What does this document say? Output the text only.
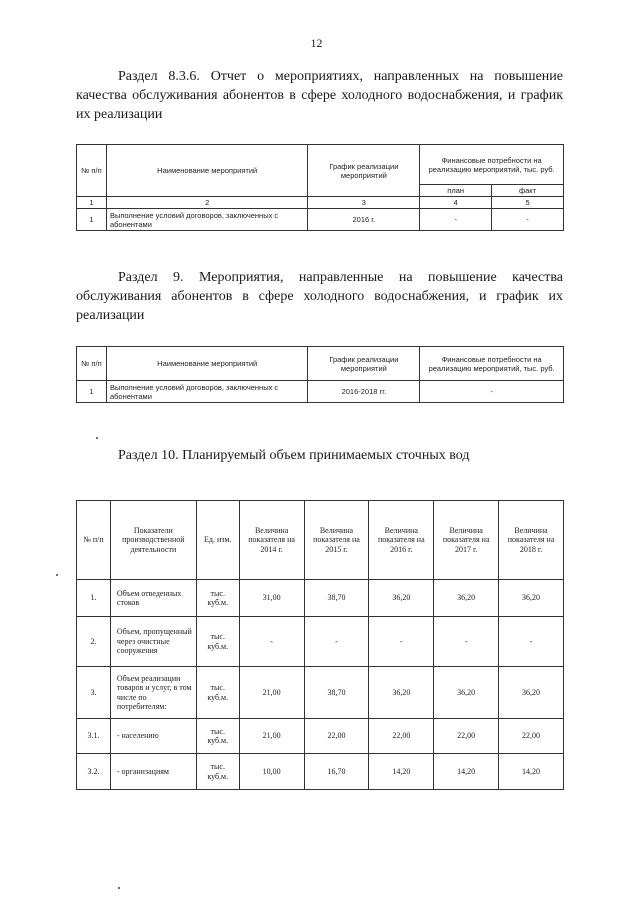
12
Раздел 8.3.6. Отчет о мероприятиях, направленных на повышение качества обслуживания абонентов в сфере холодного водоснабжения, и график их реализации
№ п/п	Наименование мероприятий	График реализации мероприятий	Финансовые потребности на реализацию мероприятий, тыс. руб.	
			план	факт
1	2	3	4	5
1	Выполнение условий договоров, заключенных с абонентами	2016 г.	-	-
Раздел 9. Мероприятия, направленные на повышение качества обслуживания абонентов в сфере холодного водоснабжения, и график их реализации
№ п/п	Наименование мероприятий	График реализации мероприятий	Финансовые потребности на реализацию мероприятий, тыс. руб.
1	Выполнение условий договоров, заключенных с абонентами	2016-2018 гг.	-
Раздел 10. Планируемый объем принимаемых сточных вод
№ п/п	Показатели производственной деятельности	Ед. изм.	Величина показателя на 2014 г.	Величина показателя на 2015 г.	Величина показателя на 2016 г.	Величина показателя на 2017 г.	Величина показателя на 2018 г.
1.	Объем отведенных стоков	тыс. куб.м.	31,00	38,70	36,20	36,20	36,20
2.	Объем, пропущенный через очистные сооружения	тыс. куб.м.	-	-	-	-	-
3.	Объем реализации товаров и услуг, в том числе по потребителям:	тыс. куб.м.	21,00	38,70	36,20	36,20	36,20
3.1.	- населению	тыс. куб.м.	21,00	22,00	22,00	22,00	22,00
3.2.	- организациям	тыс. куб.м.	10,00	16,70	14,20	14,20	14,20
